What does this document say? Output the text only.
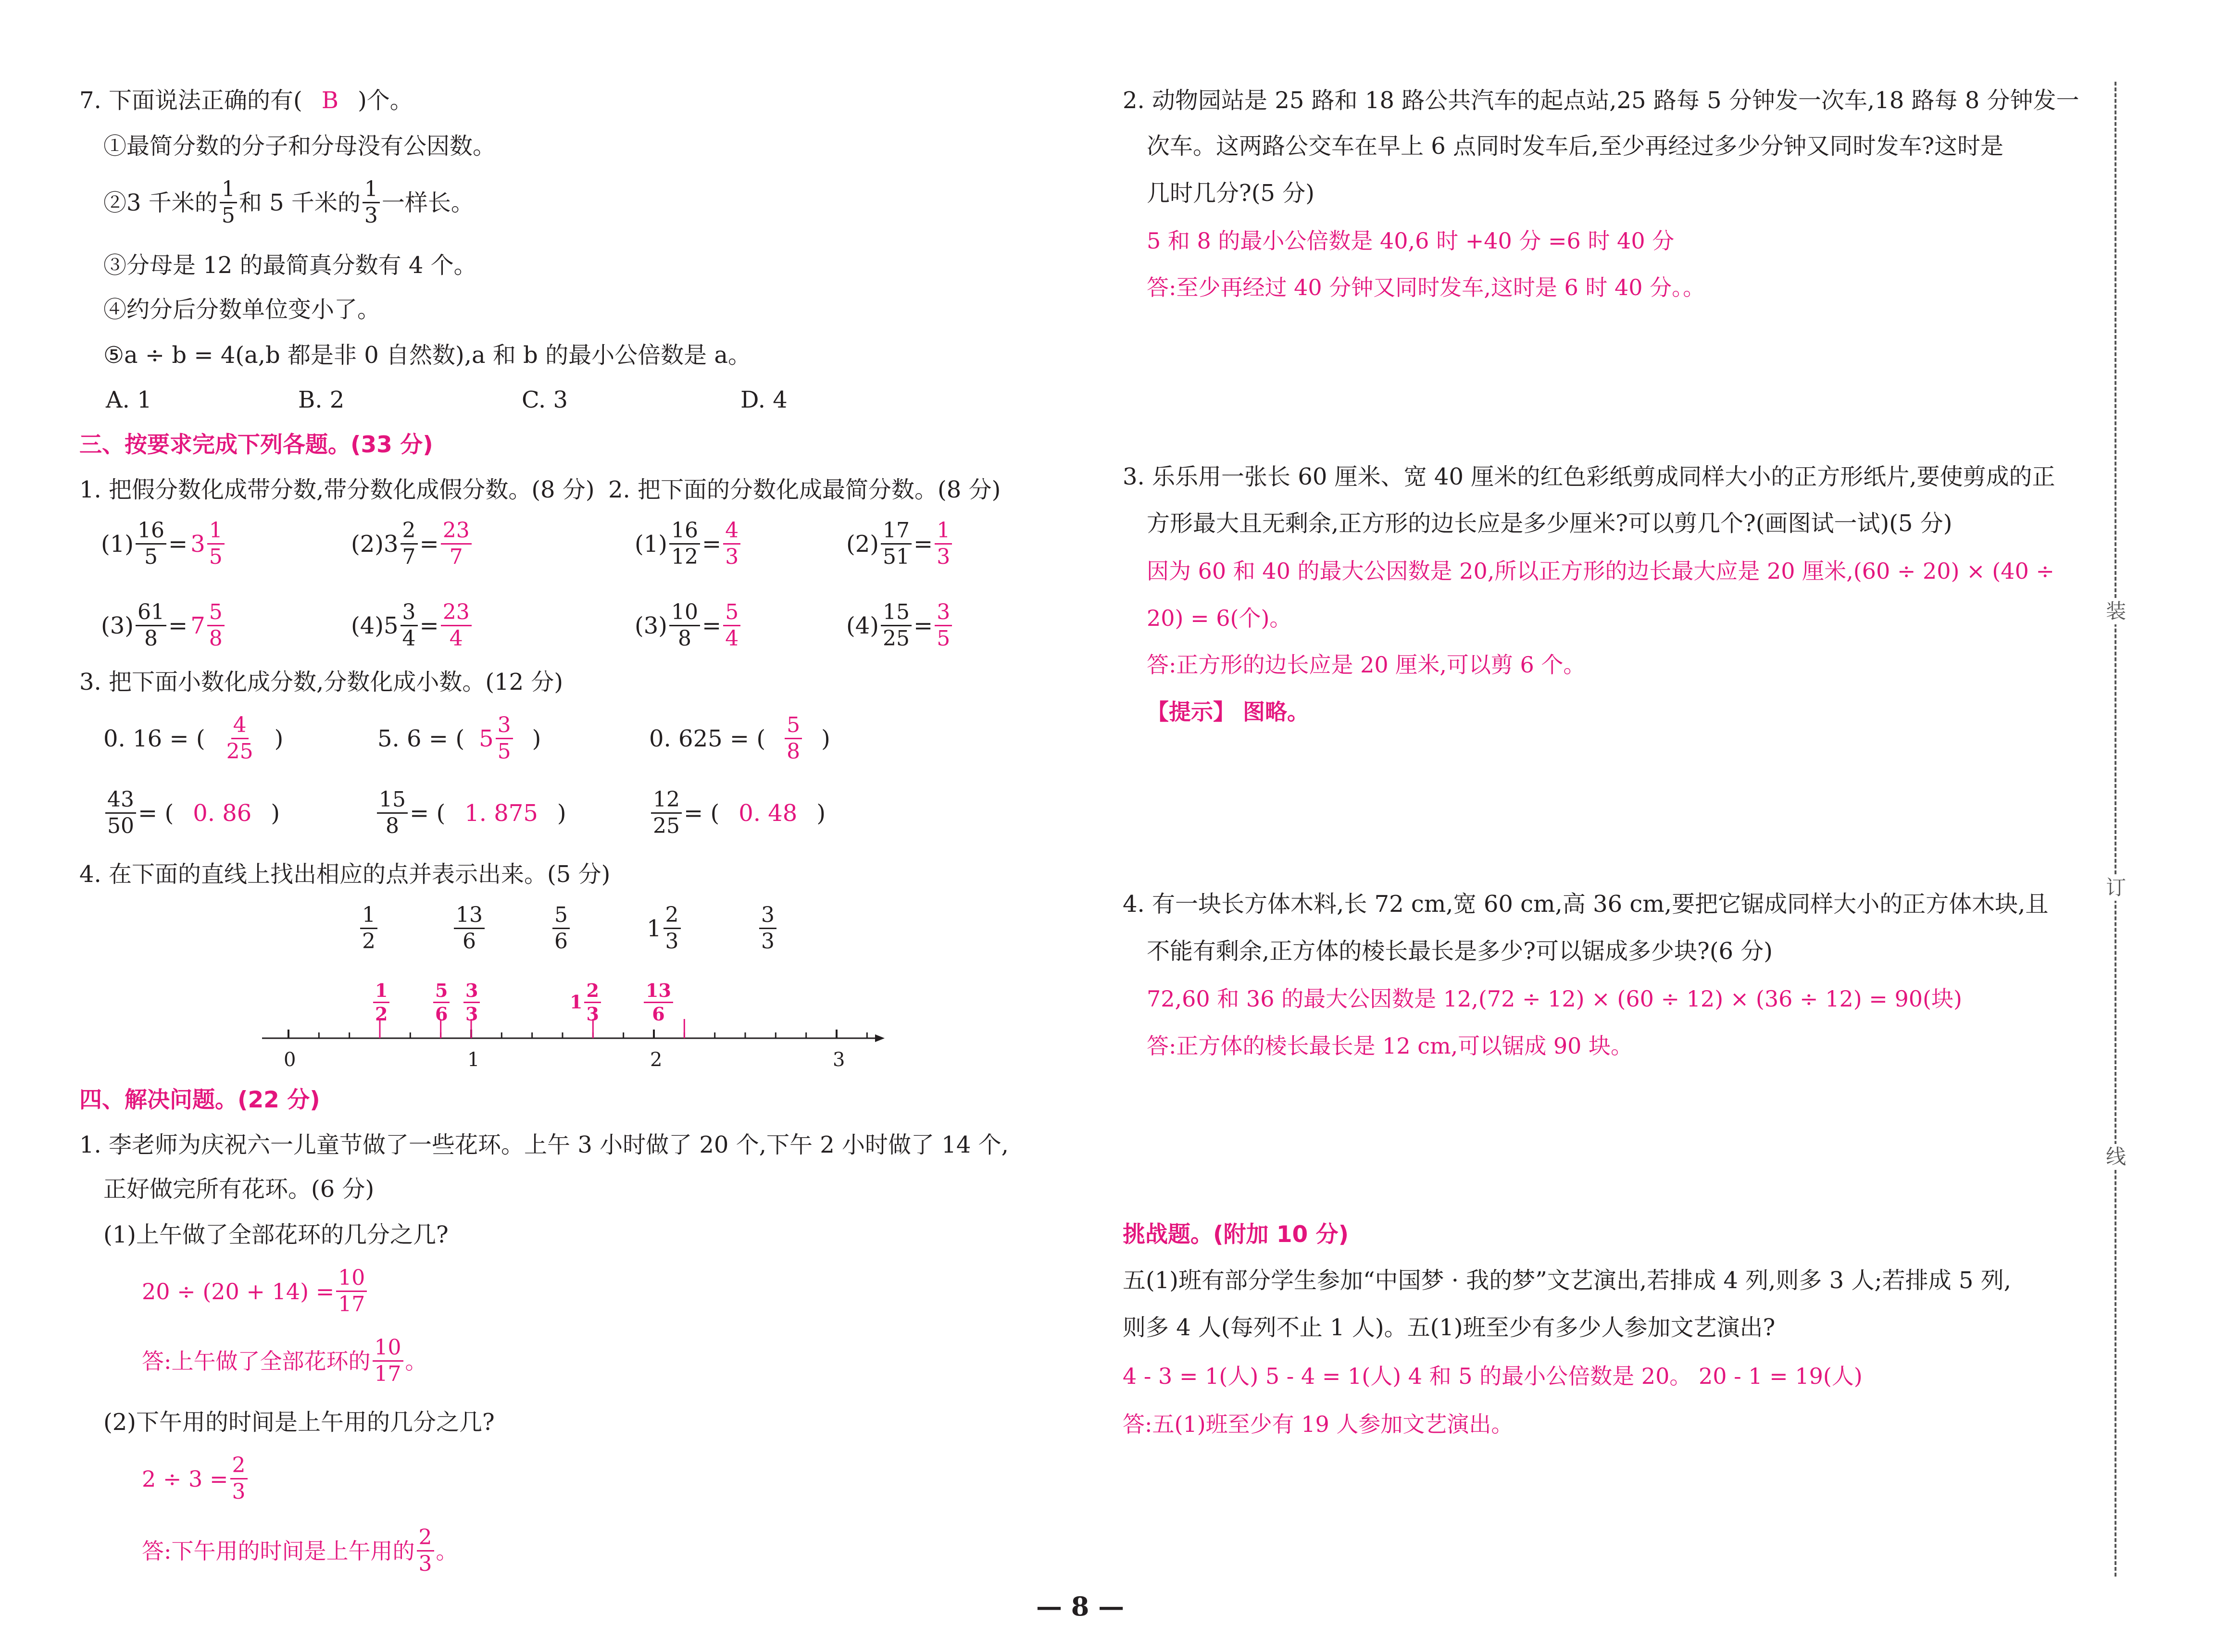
7. 下面说法正确的有( B )个。
①最简分数的分子和分母没有公因数。
②3 千米的 $\frac{1}{5}$ 和 5 千米的 $\frac{1}{3}$ 一样长。
③分母是 12 的最简真分数有 4 个。
④约分后分数单位变小了。
⑤a ÷ b = 4(a,b 都是非 0 自然数),a 和 b 的最小公倍数是 a。
A. 1	B. 2	C. 3	D. 4
三、按要求完成下列各题。(33 分)
1. 把假分数化成带分数,带分数化成假分数。(8 分) 2. 把下面的分数化成最简分数。(8 分)
$(1) \frac{16}{5} = 3 \frac{1}{5}$	$(2)3 \frac{2}{7} = \frac{23}{7}$
$(3) \frac{61}{8} = 7 \frac{5}{8}$	$(4)5 \frac{3}{4} = \frac{23}{4}$
$(1) \frac{16}{12} = \frac{4}{3}$	$(2) \frac{17}{51} = \frac{1}{3}$
$(3) \frac{10}{8} = \frac{5}{4}$	$(4) \frac{15}{25} = \frac{3}{5}$
3. 把下面小数化成分数,分数化成小数。(12 分)
0. 16 = ( $\frac{4}{25}$ )	5. 6 = ( $5 \frac{3}{5}$ )	0. 625 = ( $\frac{5}{8}$ )
$\frac{43}{50}$ = ( 0. 86 )	$\frac{15}{8}$ = ( 1. 875 )	$\frac{12}{25}$ = ( 0. 48 )
4. 在下面的直线上找出相应的点并表示出来。(5 分)
$\frac{1}{2}$	$\frac{13}{6}$	$\frac{5}{6}$	$1 \frac{2}{3}$	$\frac{3}{3}$
$\frac{1}{2} \frac{5}{6} \frac{3}{3}$	$1 \frac{2}{3} \frac{13}{6}$
0	1	2	3
四、解决问题。(22 分)
1. 李老师为庆祝六一儿童节做了一些花环。上午 3 小时做了 20 个,下午 2 小时做了 14 个,
正好做完所有花环。(6 分)
(1)上午做了全部花环的几分之几?
$20 \div (20 + 14) = \frac{10}{17}$
答:上午做了全部花环的 $\frac{10}{17}$ 。
(2)下午用的时间是上午用的几分之几?
$2 \div 3 = \frac{2}{3}$
答:下午用的时间是上午用的 $\frac{2}{3}$ 。
2. 动物园站是 25 路和 18 路公共汽车的起点站,25 路每 5 分钟发一次车,18 路每 8 分钟发一
次车。这两路公交车在早上 6 点同时发车后,至少再经过多少分钟又同时发车?这时是
几时几分?(5 分)
5 和 8 的最小公倍数是 40,6 时 +40 分 =6 时 40 分
答:至少再经过 40 分钟又同时发车,这时是 6 时 40 分。。
3. 乐乐用一张长 60 厘米、宽 40 厘米的红色彩纸剪成同样大小的正方形纸片,要使剪成的正
方形最大且无剩余,正方形的边长应是多少厘米?可以剪几个?(画图试一试)(5 分)
因为 60 和 40 的最大公因数是 20,所以正方形的边长最大应是 20 厘米,(60 ÷ 20) × (40 ÷
20) = 6(个)。
答:正方形的边长应是 20 厘米,可以剪 6 个。
【提示】 图略。
4. 有一块长方体木料,长 72 cm,宽 60 cm,高 36 cm,要把它锯成同样大小的正方体木块,且
不能有剩余,正方体的棱长最长是多少?可以锯成多少块?(6 分)
72,60 和 36 的最大公因数是 12,(72 ÷ 12) × (60 ÷ 12) × (36 ÷ 12) = 90(块)
答:正方体的棱长最长是 12 cm,可以锯成 90 块。
挑战题。(附加 10 分)
五(1)班有部分学生参加“中国梦 · 我的梦”文艺演出,若排成 4 列,则多 3 人;若排成 5 列,
则多 4 人(每列不止 1 人)。五(1)班至少有多少人参加文艺演出?
4 - 3 = 1(人) 5 - 4 = 1(人) 4 和 5 的最小公倍数是 20。 20 - 1 = 19(人)
答:五(1)班至少有 19 人参加文艺演出。
装
订
线
— 8 —
